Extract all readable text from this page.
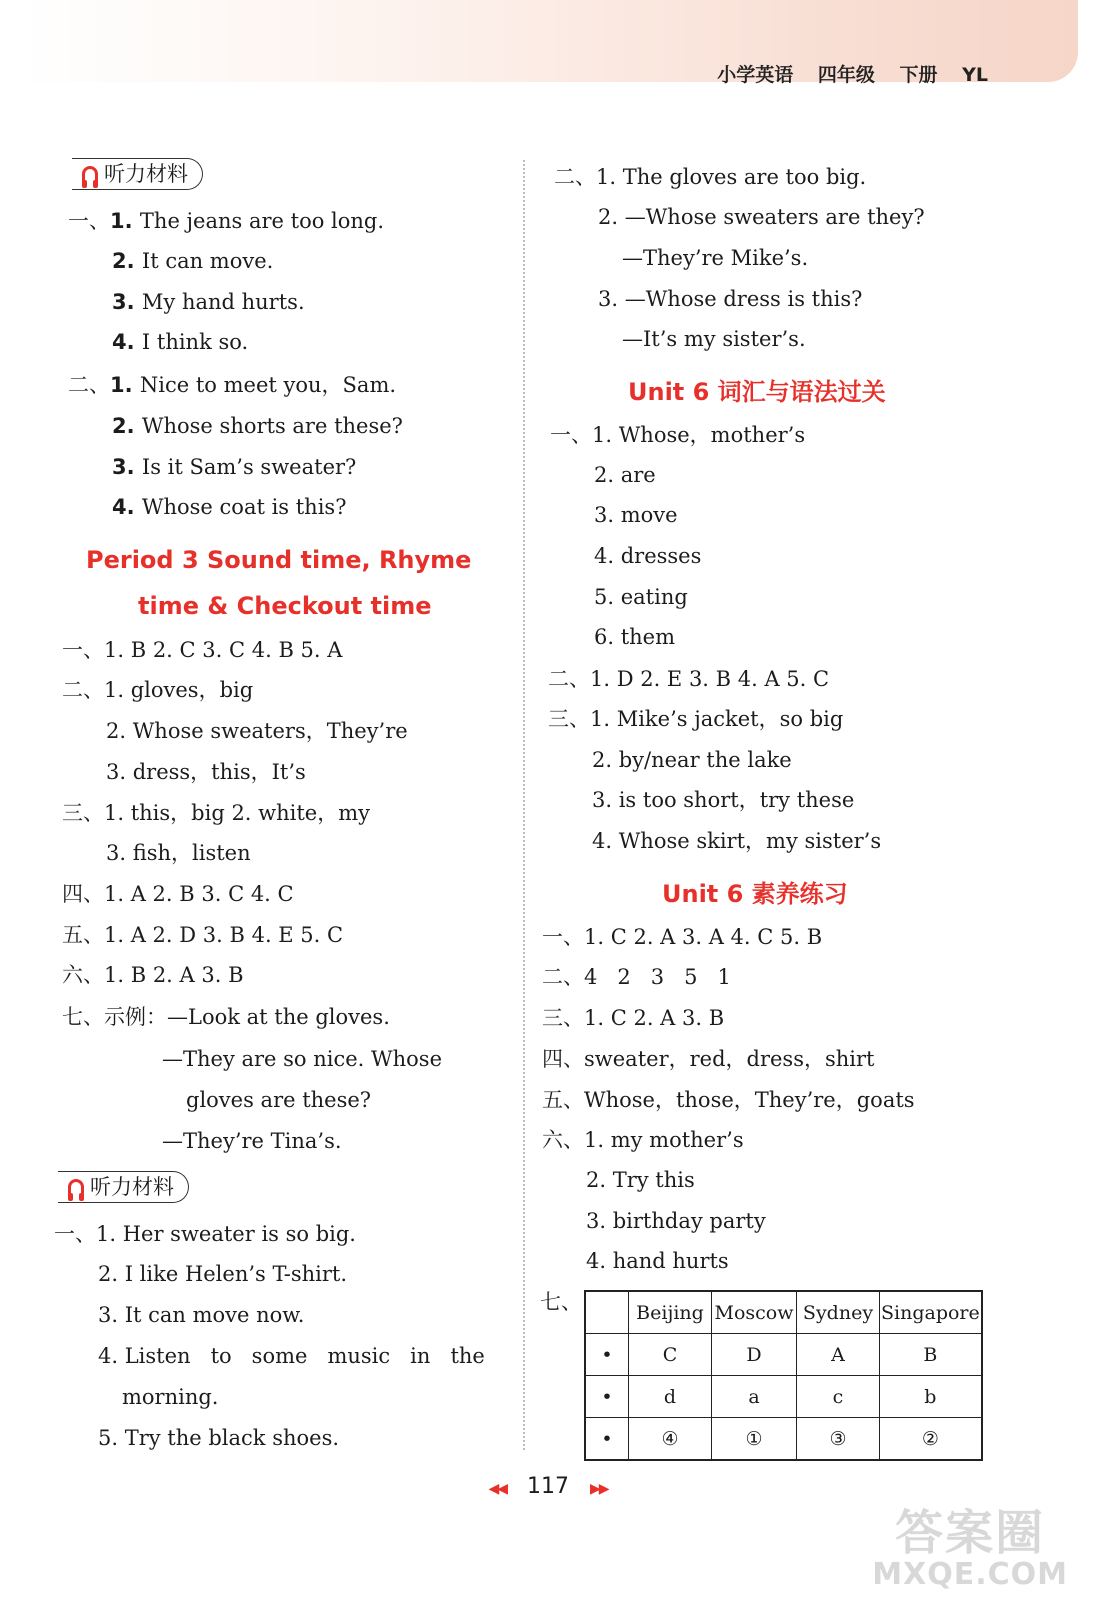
小学英语 四年级 下册 YL
听力材料
一、1. The jeans are too long.
2. It can move.
3. My hand hurts.
4. I think so.
二、1. Nice to meet you，Sam.
2. Whose shorts are these?
3. Is it Sam’s sweater?
4. Whose coat is this?
Period 3 Sound time, Rhyme
time & Checkout time
一、1. B 2. C 3. C 4. B 5. A
二、1. gloves，big
2. Whose sweaters，They’re
3. dress，this，It’s
三、1. this，big 2. white，my
3. fish，listen
四、1. A 2. B 3. C 4. C
五、1. A 2. D 3. B 4. E 5. C
六、1. B 2. A 3. B
七、示例：—Look at the gloves.
—They are so nice. Whose
gloves are these?
—They’re Tina’s.
听力材料
一、1. Her sweater is so big.
2. I like Helen’s T-shirt.
3. It can move now.
4. Listen   to   some   music   in   the
morning.
5. Try the black shoes.
二、1. The gloves are too big.
2. —Whose sweaters are they?
—They’re Mike’s.
3. —Whose dress is this?
—It’s my sister’s.
Unit 6 词汇与语法过关
一、1. Whose，mother’s
2. are
3. move
4. dresses
5. eating
6. them
二、1. D 2. E 3. B 4. A 5. C
三、1. Mike’s jacket，so big
2. by/near the lake
3. is too short，try these
4. Whose skirt，my sister’s
Unit 6 素养练习
一、1. C 2. A 3. A 4. C 5. B
二、4   2   3   5   1
三、1. C 2. A 3. B
四、sweater，red，dress，shirt
五、Whose，those，They’re，goats
六、1. my mother’s
2. Try this
3. birthday party
4. hand hurts
七、
		Beijing	Moscow	Sydney	Singapore
•	C	D	A	B
•	d	a	c	b
•	④	①	③	②
◀◀ 117 ▶▶
答案圈
MXQE.COM
